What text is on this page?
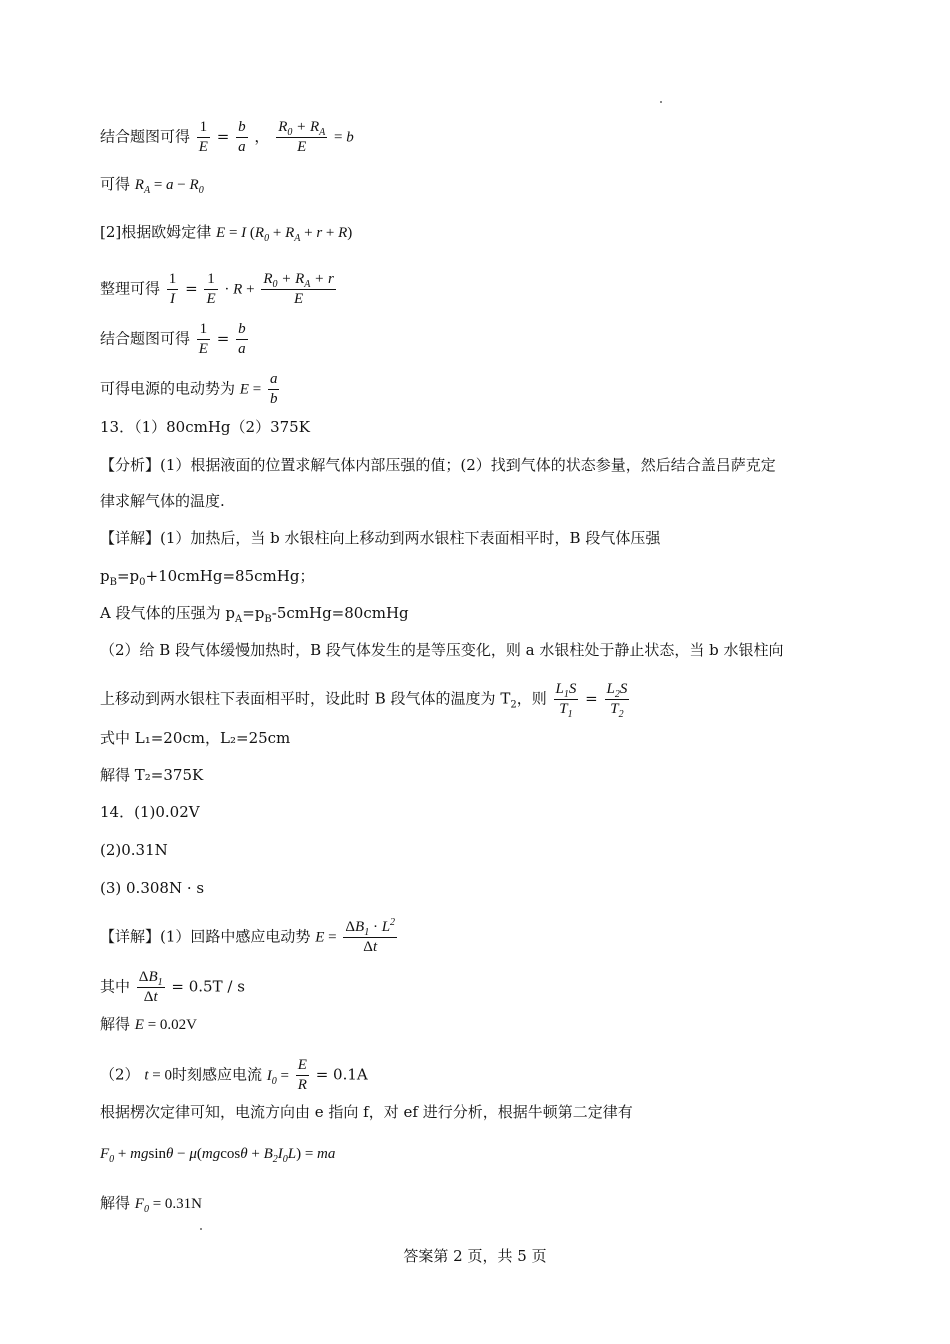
结合题图可得 $\frac{1}{E} = \frac{b}{a}$ ， $\frac{R_0 + R_A}{E} = b$
可得 $R_A = a - R_0$
[2]根据欧姆定律 E = I $(R_0 + R_A + r + R)$
整理可得 $\frac{1}{I} = \frac{1}{E} \cdot R + \frac{R_0 + R_A + r}{E}$
结合题图可得 $\frac{1}{E} = \frac{b}{a}$
可得电源的电动势为 $E = \frac{a}{b}$
13．（1）80cmHg（2）375K
【分析】(1）根据液面的位置求解气体内部压强的值；(2）找到气体的状态参量，然后结合盖吕萨克定
律求解气体的温度.
【详解】(1）加热后，当 b 水银柱向上移动到两水银柱下表面相平时，B 段气体压强
$p_B=p_0+10cmHg=85cmHg$；
A 段气体的压强为 $p_A=p_B-5cmHg=80cmHg$
（2）给 B 段气体缓慢加热时，B 段气体发生的是等压变化，则 a 水银柱处于静止状态，当 b 水银柱向
上移动到两水银柱下表面相平时，设此时 B 段气体的温度为 $T_2$，则 $\frac{L_1S}{T_1} = \frac{L_2S}{T_2}$
式中 L₁=20cm，L₂=25cm
解得 T₂=375K
14．(1)0.02V
(2)0.31N
(3) 0.308N · s
【详解】(1）回路中感应电动势 $E = \frac{\Delta B_1 \cdot L^2}{\Delta t}$
其中 $\frac{\Delta B_1}{\Delta t} = 0.5T / s$
解得 E = 0.02V
（2） t = 0时刻感应电流 $I_0 = \frac{E}{R} = 0.1A$
根据楞次定律可知，电流方向由 e 指向 f，对 ef 进行分析，根据牛顿第二定律有
$F_0 + mgsin\theta - \mu(mgcos\theta + B_2I_0L)$ = ma
解得 $F_0 = 0.31N$
答案第 2 页，共 5 页
